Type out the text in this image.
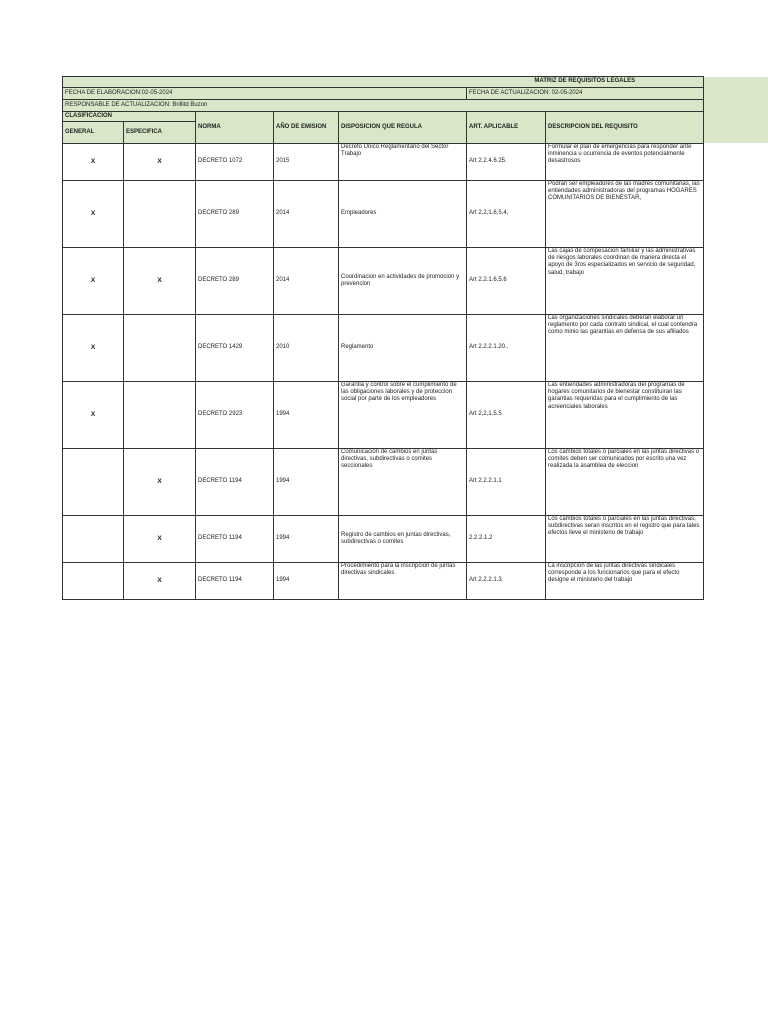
					MATRIZ DE REQUISITOS LEGALES	
FECHA DE ELABORACION:02-05-2024					FECHA DE ACTUALIZACION: 02-05-2024	
RESPONSABLE DE ACTUALIZACION: Brillitd Buzon						
CLASIFICACION		NORMA	AÑO DE EMISION	DISPOSICION QUE REGULA	ART. APLICABLE	DESCRIPCION DEL REQUISITO
GENERAL	ESPECIFICA					
X	X	DECRETO 1072	2015	Decreto Unico Reglamentario del Sector Trabajo	Art 2.2.4.6.25.	Formular el plan de emergencias para responder ante inminencia u ocurrencia de eventos potencialmente desastrosos
X		DECRETO 289	2014	Empleadores	Art 2,2,1,6,5,4,	Podran ser empleadores de las madres comunitarias, las entiendades administradoras del programas HOGARES COMUNITARIOS DE BIENESTAR,
X	X	DECRETO 289	2014	Coordinacion en actividades de promocion y prevencion	Art 2.2.1.6.5.6	Las cajas de compesacion familiar y las administrativas de riesgos laborales coordinan de manera directa el apoyo de 3ros especializados en servicio de seguridad, salud, trabajo
X		DECRETO 1429	2010	Reglamento	Art 2.2.2.1.20..	Las organizaciones sindicales deberan elaborar un reglamento por cada contrato sindical, el cual contendra como minio las garantias en defensa de sus afiliados
X		DECRETO 2923	1994	Garantia y control sobre el cumplimiento de las obligaciones laborales y de proteccion social por parte de los empleadores	Art 2,2,1.5.5	Las entiendades administradoras del programas de hogares comunitarios de bienestar constituiran las garantias requeridas para el cumplimiento de las acreenciales laborales
	X	DECRETO 1194	1994	Comunicación de cambios en juntas directivas, subdirectivas o comites seccionales	Art 2.2.2.1.1	Los cambios totales o parciales en las juntas directivas o comites deben ser comunicados por escrito una vez realizada la asamblea de eleccion
	X	DECRETO 1194	1994	Registro de cambios en juntas directivas, subdirectivas o comites	2.2.2.1.2	Los cambios totales o parciales en las juntas directivas, subdirectivas seran inscritos en el registro que para tales efectos lleve el ministerio de trabajo
	X	DECRETO 1194	1994	Procedimiento para la inscripcion de juntas directivas sindicales	Art 2.2.2.1.3	La inscripcion de las juntas directivas sindicales corresponde a los funcionarios que para el efecto designe el ministerio del trabajo
